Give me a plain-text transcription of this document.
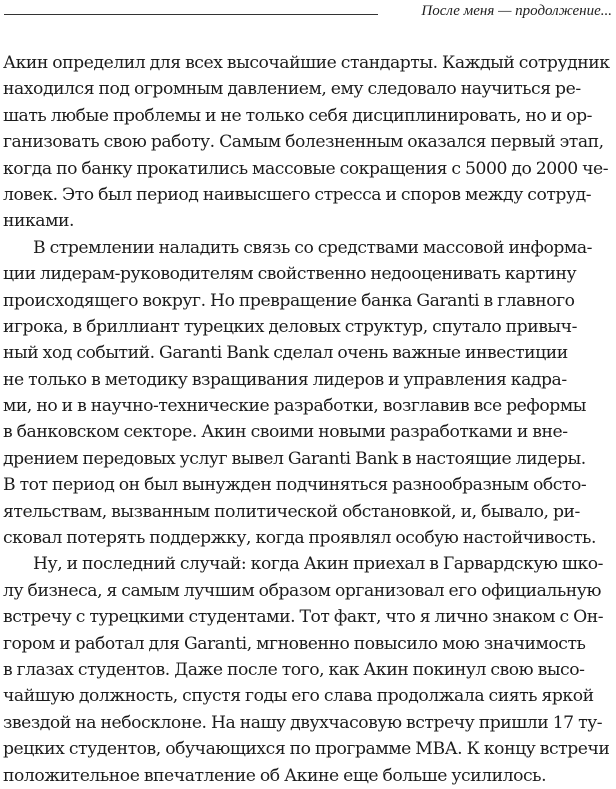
После меня — продолжение...
Акин определил для всех высочайшие стандарты. Каждый сотрудник
находился под огромным давлением, ему следовало научиться ре-
шать любые проблемы и не только себя дисциплинировать, но и ор-
ганизовать свою работу. Самым болезненным оказался первый этап,
когда по банку прокатились массовые сокращения с 5000 до 2000 че-
ловек. Это был период наивысшего стресса и споров между сотруд-
никами.
В стремлении наладить связь со средствами массовой информа-
ции лидерам-руководителям свойственно недооценивать картину
происходящего вокруг. Но превращение банка Garanti в главного
игрока, в бриллиант турецких деловых структур, спутало привыч-
ный ход событий. Garanti Bank сделал очень важные инвестиции
не только в методику взращивания лидеров и управления кадра-
ми, но и в научно-технические разработки, возглавив все реформы
в банковском секторе. Акин своими новыми разработками и вне-
дрением передовых услуг вывел Garanti Bank в настоящие лидеры.
В тот период он был вынужден подчиняться разнообразным обсто-
ятельствам, вызванным политической обстановкой, и, бывало, ри-
сковал потерять поддержку, когда проявлял особую настойчивость.
Ну, и последний случай: когда Акин приехал в Гарвардскую шко-
лу бизнеса, я самым лучшим образом организовал его официальную
встречу с турецкими студентами. Тот факт, что я лично знаком с Он-
гором и работал для Garanti, мгновенно повысило мою значимость
в глазах студентов. Даже после того, как Акин покинул свою высо-
чайшую должность, спустя годы его слава продолжала сиять яркой
звездой на небосклоне. На нашу двухчасовую встречу пришли 17 ту-
рецких студентов, обучающихся по программе МВА. К концу встречи
положительное впечатление об Акине еще больше усилилось.
